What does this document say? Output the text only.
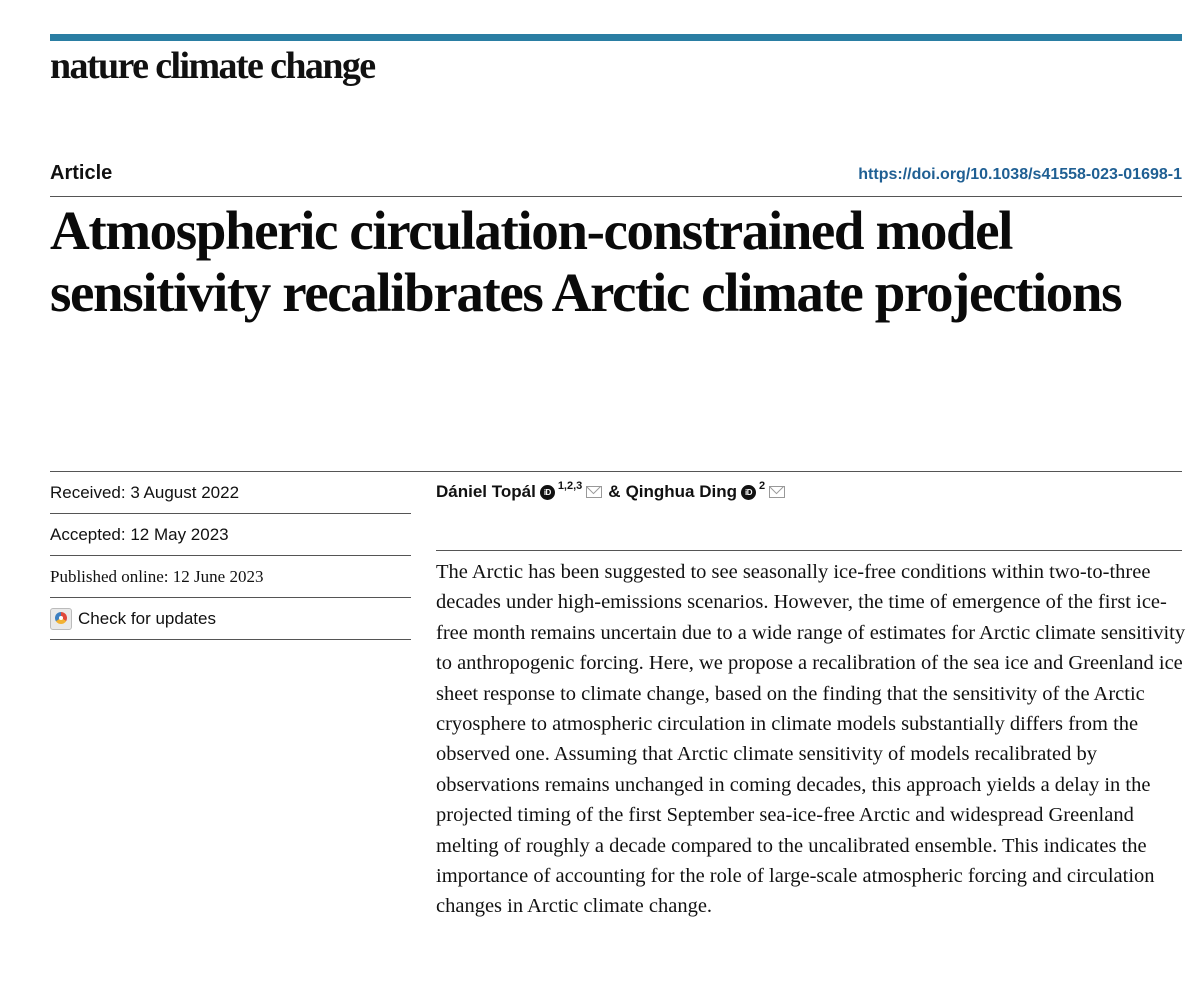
nature climate change
Article	https://doi.org/10.1038/s41558-023-01698-1
Atmospheric circulation-constrained model sensitivity recalibrates Arctic climate projections
Received: 3 August 2022
Accepted: 12 May 2023
Published online: 12 June 2023
Check for updates
Dániel Topál	iD 1,2,3 & Qinghua Ding	iD 2

The Arctic has been suggested to see seasonally ice-free conditions within two-to-three decades under high-emissions scenarios. However, the time of emergence of the first ice-free month remains uncertain due to a wide range of estimates for Arctic climate sensitivity to anthropogenic forcing. Here, we propose a recalibration of the sea ice and Greenland ice sheet response to climate change, based on the finding that the sensitivity of the Arctic cryosphere to atmospheric circulation in climate models substantially differs from the observed one. Assuming that Arctic climate sensitivity of models recalibrated by observations remains unchanged in coming decades, this approach yields a delay in the projected timing of the first September sea-ice-free Arctic and widespread Greenland melting of roughly a decade compared to the uncalibrated ensemble. This indicates the importance of accounting for the role of large-scale atmospheric forcing and circulation changes in Arctic climate change.
